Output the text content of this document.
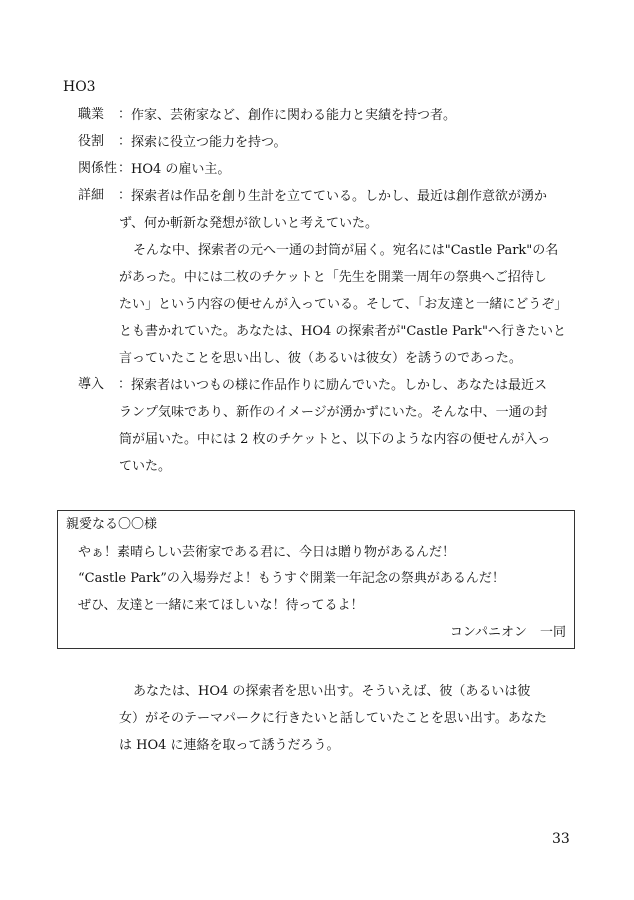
HO3
職業	： 作家、芸術家など、創作に関わる能力と実績を持つ者。
役割	： 探索に役立つ能力を持つ。
関係性 ： HO4 の雇い主。
詳細	： 探索者は作品を創り生計を立てている。しかし、最近は創作意欲が湧か
ず、何か斬新な発想が欲しいと考えていた。
そんな中、探索者の元へ一通の封筒が届く。宛名には"Castle Park"の名
があった。中には二枚のチケットと「先生を開業一周年の祭典へご招待し
たい」という内容の便せんが入っている。そして、「お友達と一緒にどうぞ」
とも書かれていた。あなたは、HO4 の探索者が"Castle Park"へ行きたいと
言っていたことを思い出し、彼（あるいは彼女）を誘うのであった。
導入	： 探索者はいつもの様に作品作りに励んでいた。しかし、あなたは最近ス
ランプ気味であり、新作のイメージが湧かずにいた。そんな中、一通の封
筒が届いた。中には 2 枚のチケットと、以下のような内容の便せんが入っ
ていた。
親愛なる〇〇様
やぁ！素晴らしい芸術家である君に、今日は贈り物があるんだ！
“Castle Park”の入場券だよ！もうすぐ開業一年記念の祭典があるんだ！
ぜひ、友達と一緒に来てほしいな！待ってるよ！
コンパニオン　一同
あなたは、HO4 の探索者を思い出す。そういえば、彼（あるいは彼
女）がそのテーマパークに行きたいと話していたことを思い出す。あなた
は HO4 に連絡を取って誘うだろう。
33
